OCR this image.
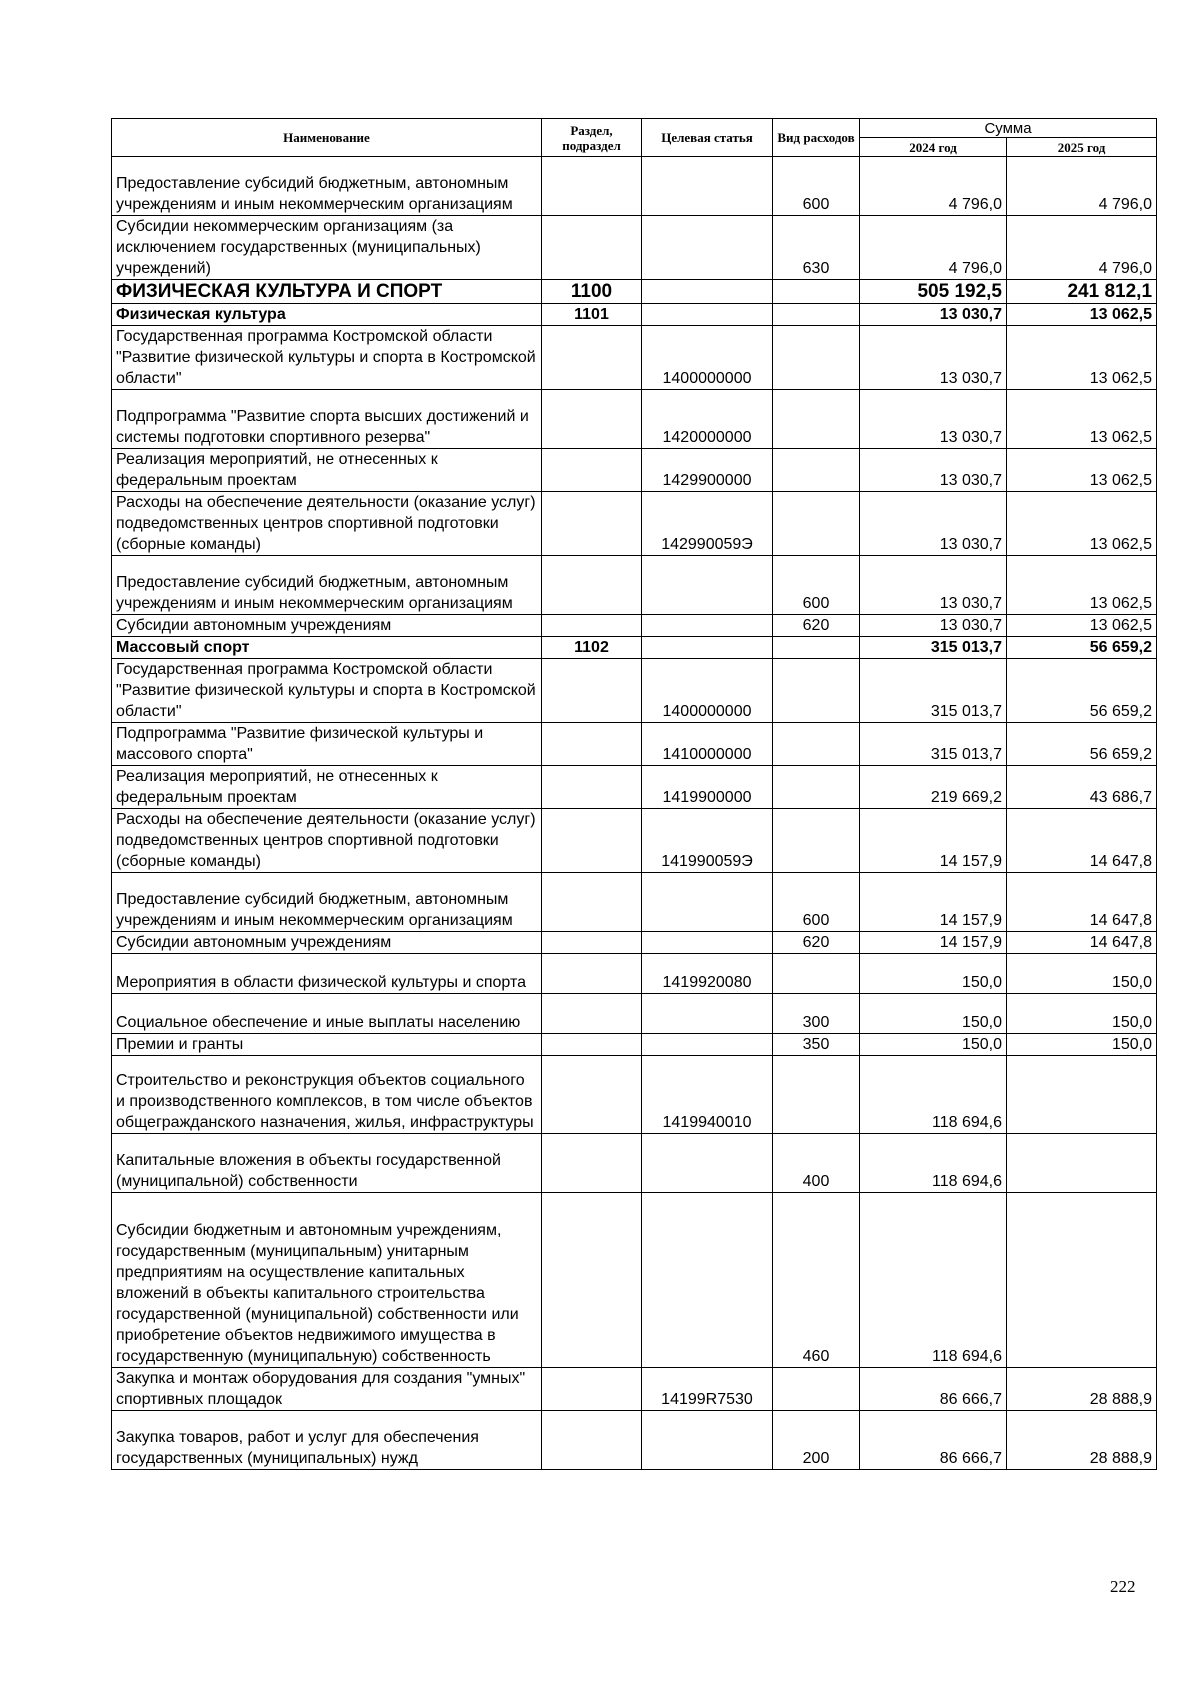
Наименование	Раздел, подраздел	Целевая статья	Вид расходов	Сумма	
				2024 год	2025 год
Предоставление субсидий бюджетным, автономным учреждениям и иным некоммерческим организациям			600	4 796,0	4 796,0
Субсидии некоммерческим организациям (за исключением государственных (муниципальных) учреждений)			630	4 796,0	4 796,0
ФИЗИЧЕСКАЯ КУЛЬТУРА И СПОРТ	1100			505 192,5	241 812,1
Физическая культура	1101			13 030,7	13 062,5
Государственная программа Костромской области "Развитие физической культуры и спорта в Костромской области"		1400000000		13 030,7	13 062,5
Подпрограмма "Развитие спорта высших достижений и системы подготовки спортивного резерва"		1420000000		13 030,7	13 062,5
Реализация мероприятий, не отнесенных к федеральным проектам		1429900000		13 030,7	13 062,5
Расходы на обеспечение деятельности (оказание услуг) подведомственных центров спортивной подготовки (сборные команды)		142990059Э		13 030,7	13 062,5
Предоставление субсидий бюджетным, автономным учреждениям и иным некоммерческим организациям			600	13 030,7	13 062,5
Субсидии автономным учреждениям			620	13 030,7	13 062,5
Массовый спорт	1102			315 013,7	56 659,2
Государственная программа Костромской области "Развитие физической культуры и спорта в Костромской области"		1400000000		315 013,7	56 659,2
Подпрограмма "Развитие физической культуры и массового спорта"		1410000000		315 013,7	56 659,2
Реализация мероприятий, не отнесенных к федеральным проектам		1419900000		219 669,2	43 686,7
Расходы на обеспечение деятельности (оказание услуг) подведомственных центров спортивной подготовки (сборные команды)		141990059Э		14 157,9	14 647,8
Предоставление субсидий бюджетным, автономным учреждениям и иным некоммерческим организациям			600	14 157,9	14 647,8
Субсидии автономным учреждениям			620	14 157,9	14 647,8
Мероприятия в области физической культуры и спорта		1419920080		150,0	150,0
Социальное обеспечение и иные выплаты населению			300	150,0	150,0
Премии и гранты			350	150,0	150,0
Строительство и реконструкция объектов социального и производственного комплексов, в том числе объектов общегражданского назначения, жилья, инфраструктуры		1419940010		118 694,6	
Капитальные вложения в объекты государственной (муниципальной) собственности			400	118 694,6	
Субсидии бюджетным и автономным учреждениям, государственным (муниципальным) унитарным предприятиям на осуществление капитальных вложений в объекты капитального строительства государственной (муниципальной) собственности или приобретение объектов недвижимого имущества в государственную (муниципальную) собственность			460	118 694,6	
Закупка и монтаж оборудования для создания "умных" спортивных площадок		14199R7530		86 666,7	28 888,9
Закупка товаров, работ и услуг для обеспечения государственных (муниципальных) нужд			200	86 666,7	28 888,9
222
